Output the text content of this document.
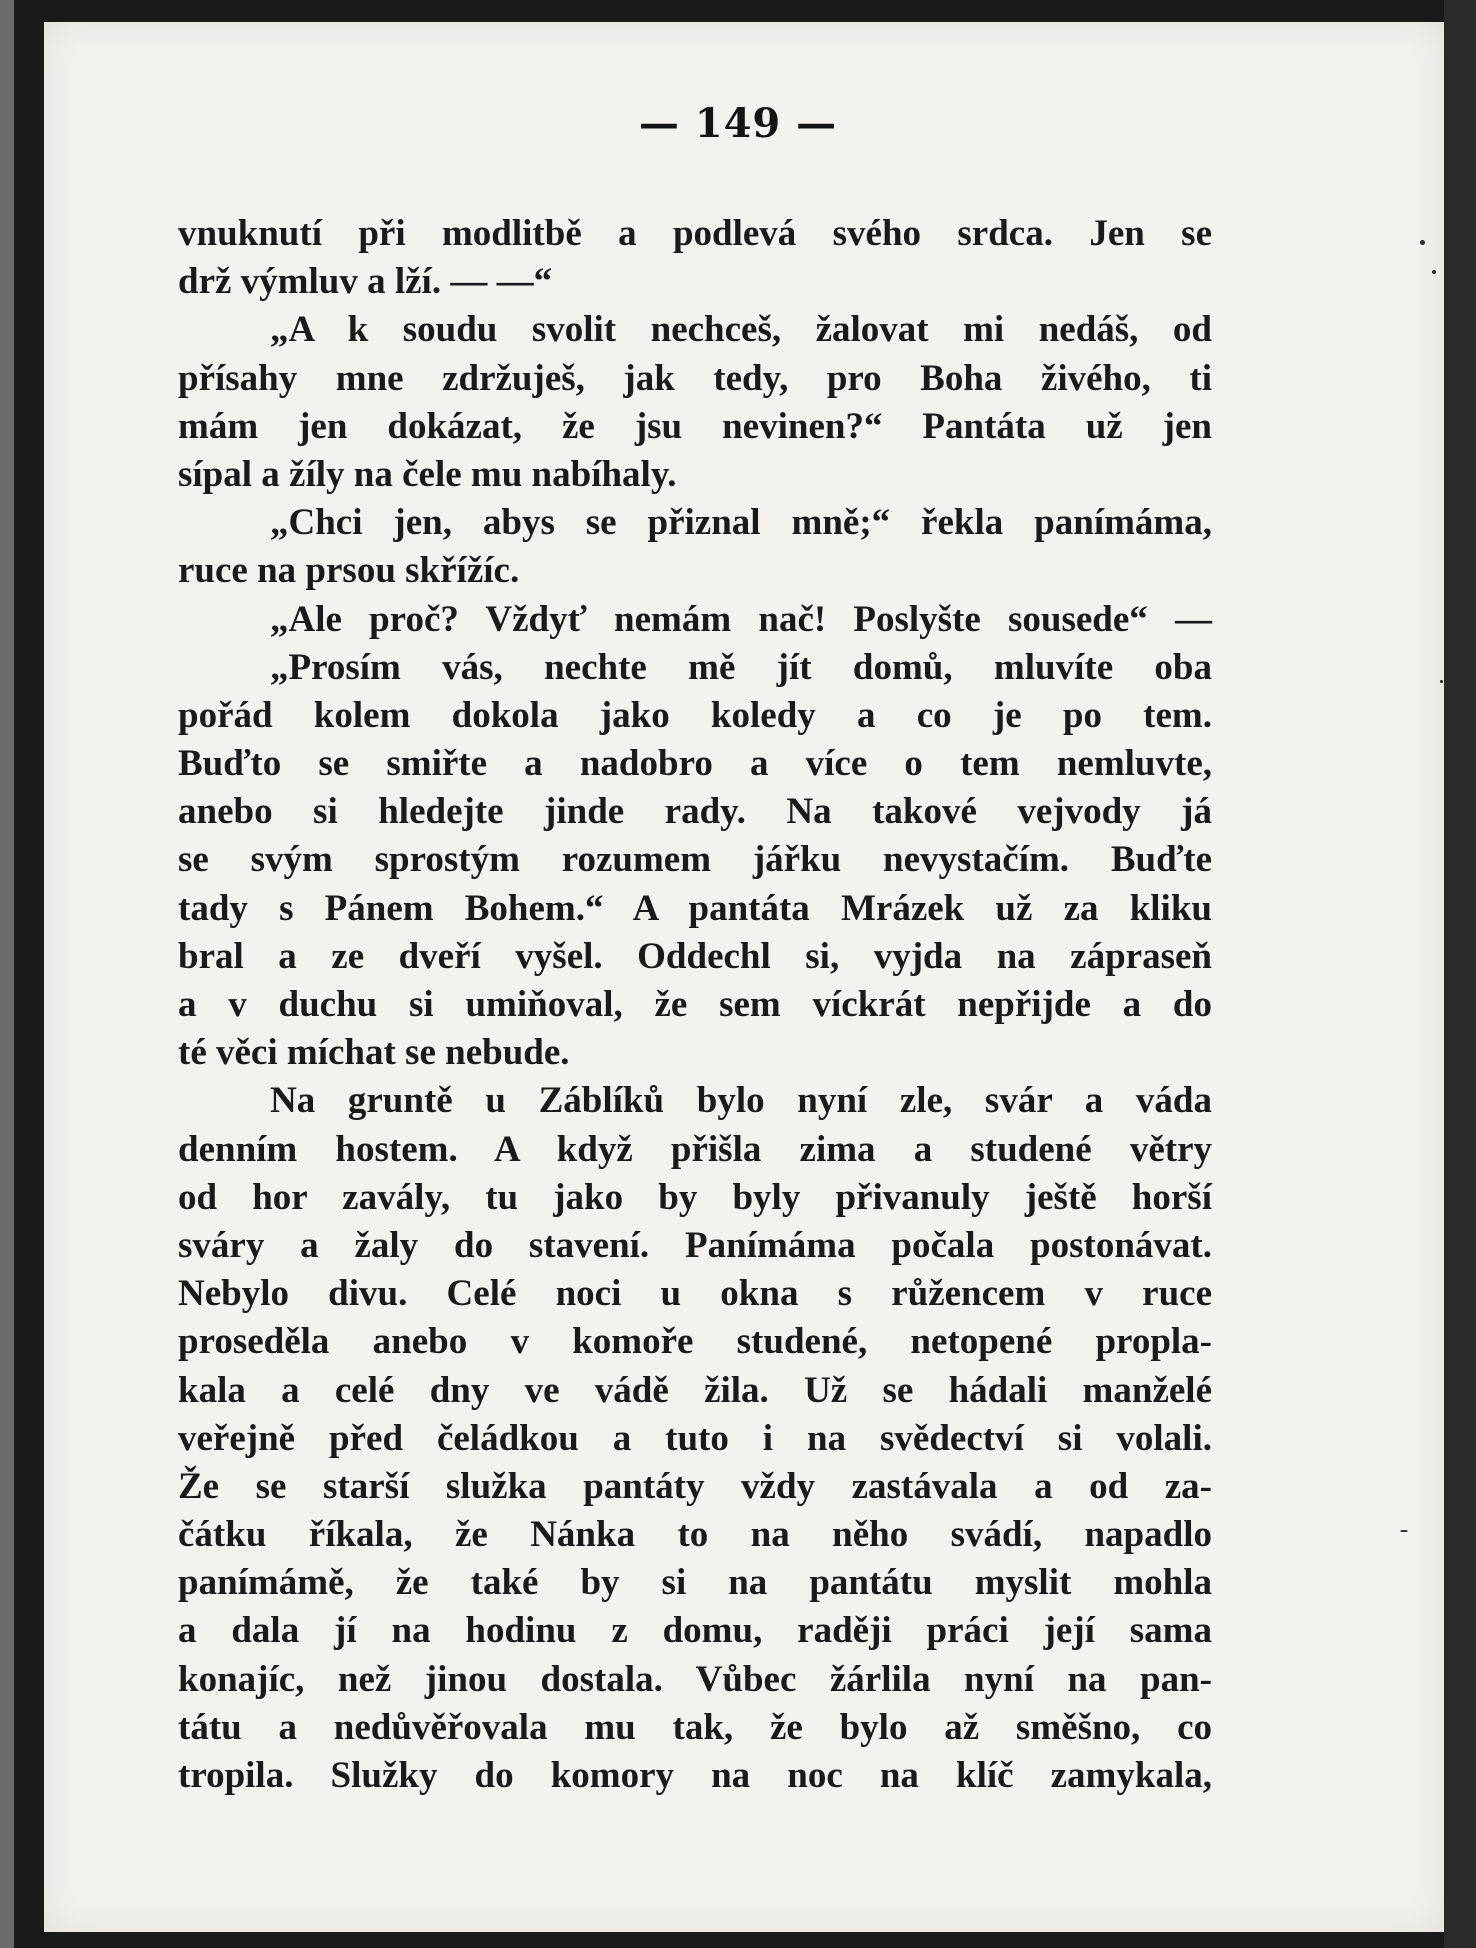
— 149 —
vnuknutí při modlitbě a podlevá svého srdca. Jen se
drž výmluv a lží. — —“
„A k soudu svolit nechceš, žalovat mi nedáš, od
přísahy mne zdržuješ, jak tedy, pro Boha živého, ti
mám jen dokázat, že jsu nevinen?“ Pantáta už jen
sípal a žíly na čele mu nabíhaly.
„Chci jen, abys se přiznal mně;“ řekla panímáma,
ruce na prsou skřížíc.
„Ale proč? Vždyť nemám nač! Poslyšte sousede“ —
„Prosím vás, nechte mě jít domů, mluvíte oba
pořád kolem dokola jako koledy a co je po tem.
Buďto se smiřte a nadobro a více o tem nemluvte,
anebo si hledejte jinde rady. Na takové vejvody já
se svým sprostým rozumem jářku nevystačím. Buďte
tady s Pánem Bohem.“ A pantáta Mrázek už za kliku
bral a ze dveří vyšel. Oddechl si, vyjda na zápraseň
a v duchu si umiňoval, že sem víckrát nepřijde a do
té věci míchat se nebude.
Na gruntě u Záblíků bylo nyní zle, svár a váda
denním hostem. A když přišla zima a studené větry
od hor zavály, tu jako by byly přivanuly ještě horší
sváry a žaly do stavení. Panímáma počala postonávat.
Nebylo divu. Celé noci u okna s růžencem v ruce
proseděla anebo v komoře studené, netopené propla-
kala a celé dny ve vádě žila. Už se hádali manželé
veřejně před čeládkou a tuto i na svědectví si volali.
Že se starší služka pantáty vždy zastávala a od za-
čátku říkala, že Nánka to na něho svádí, napadlo
panímámě, že také by si na pantátu myslit mohla
a dala jí na hodinu z domu, raději práci její sama
konajíc, než jinou dostala. Vůbec žárlila nyní na pan-
tátu a nedůvěřovala mu tak, že bylo až směšno, co
tropila. Služky do komory na noc na klíč zamykala,
